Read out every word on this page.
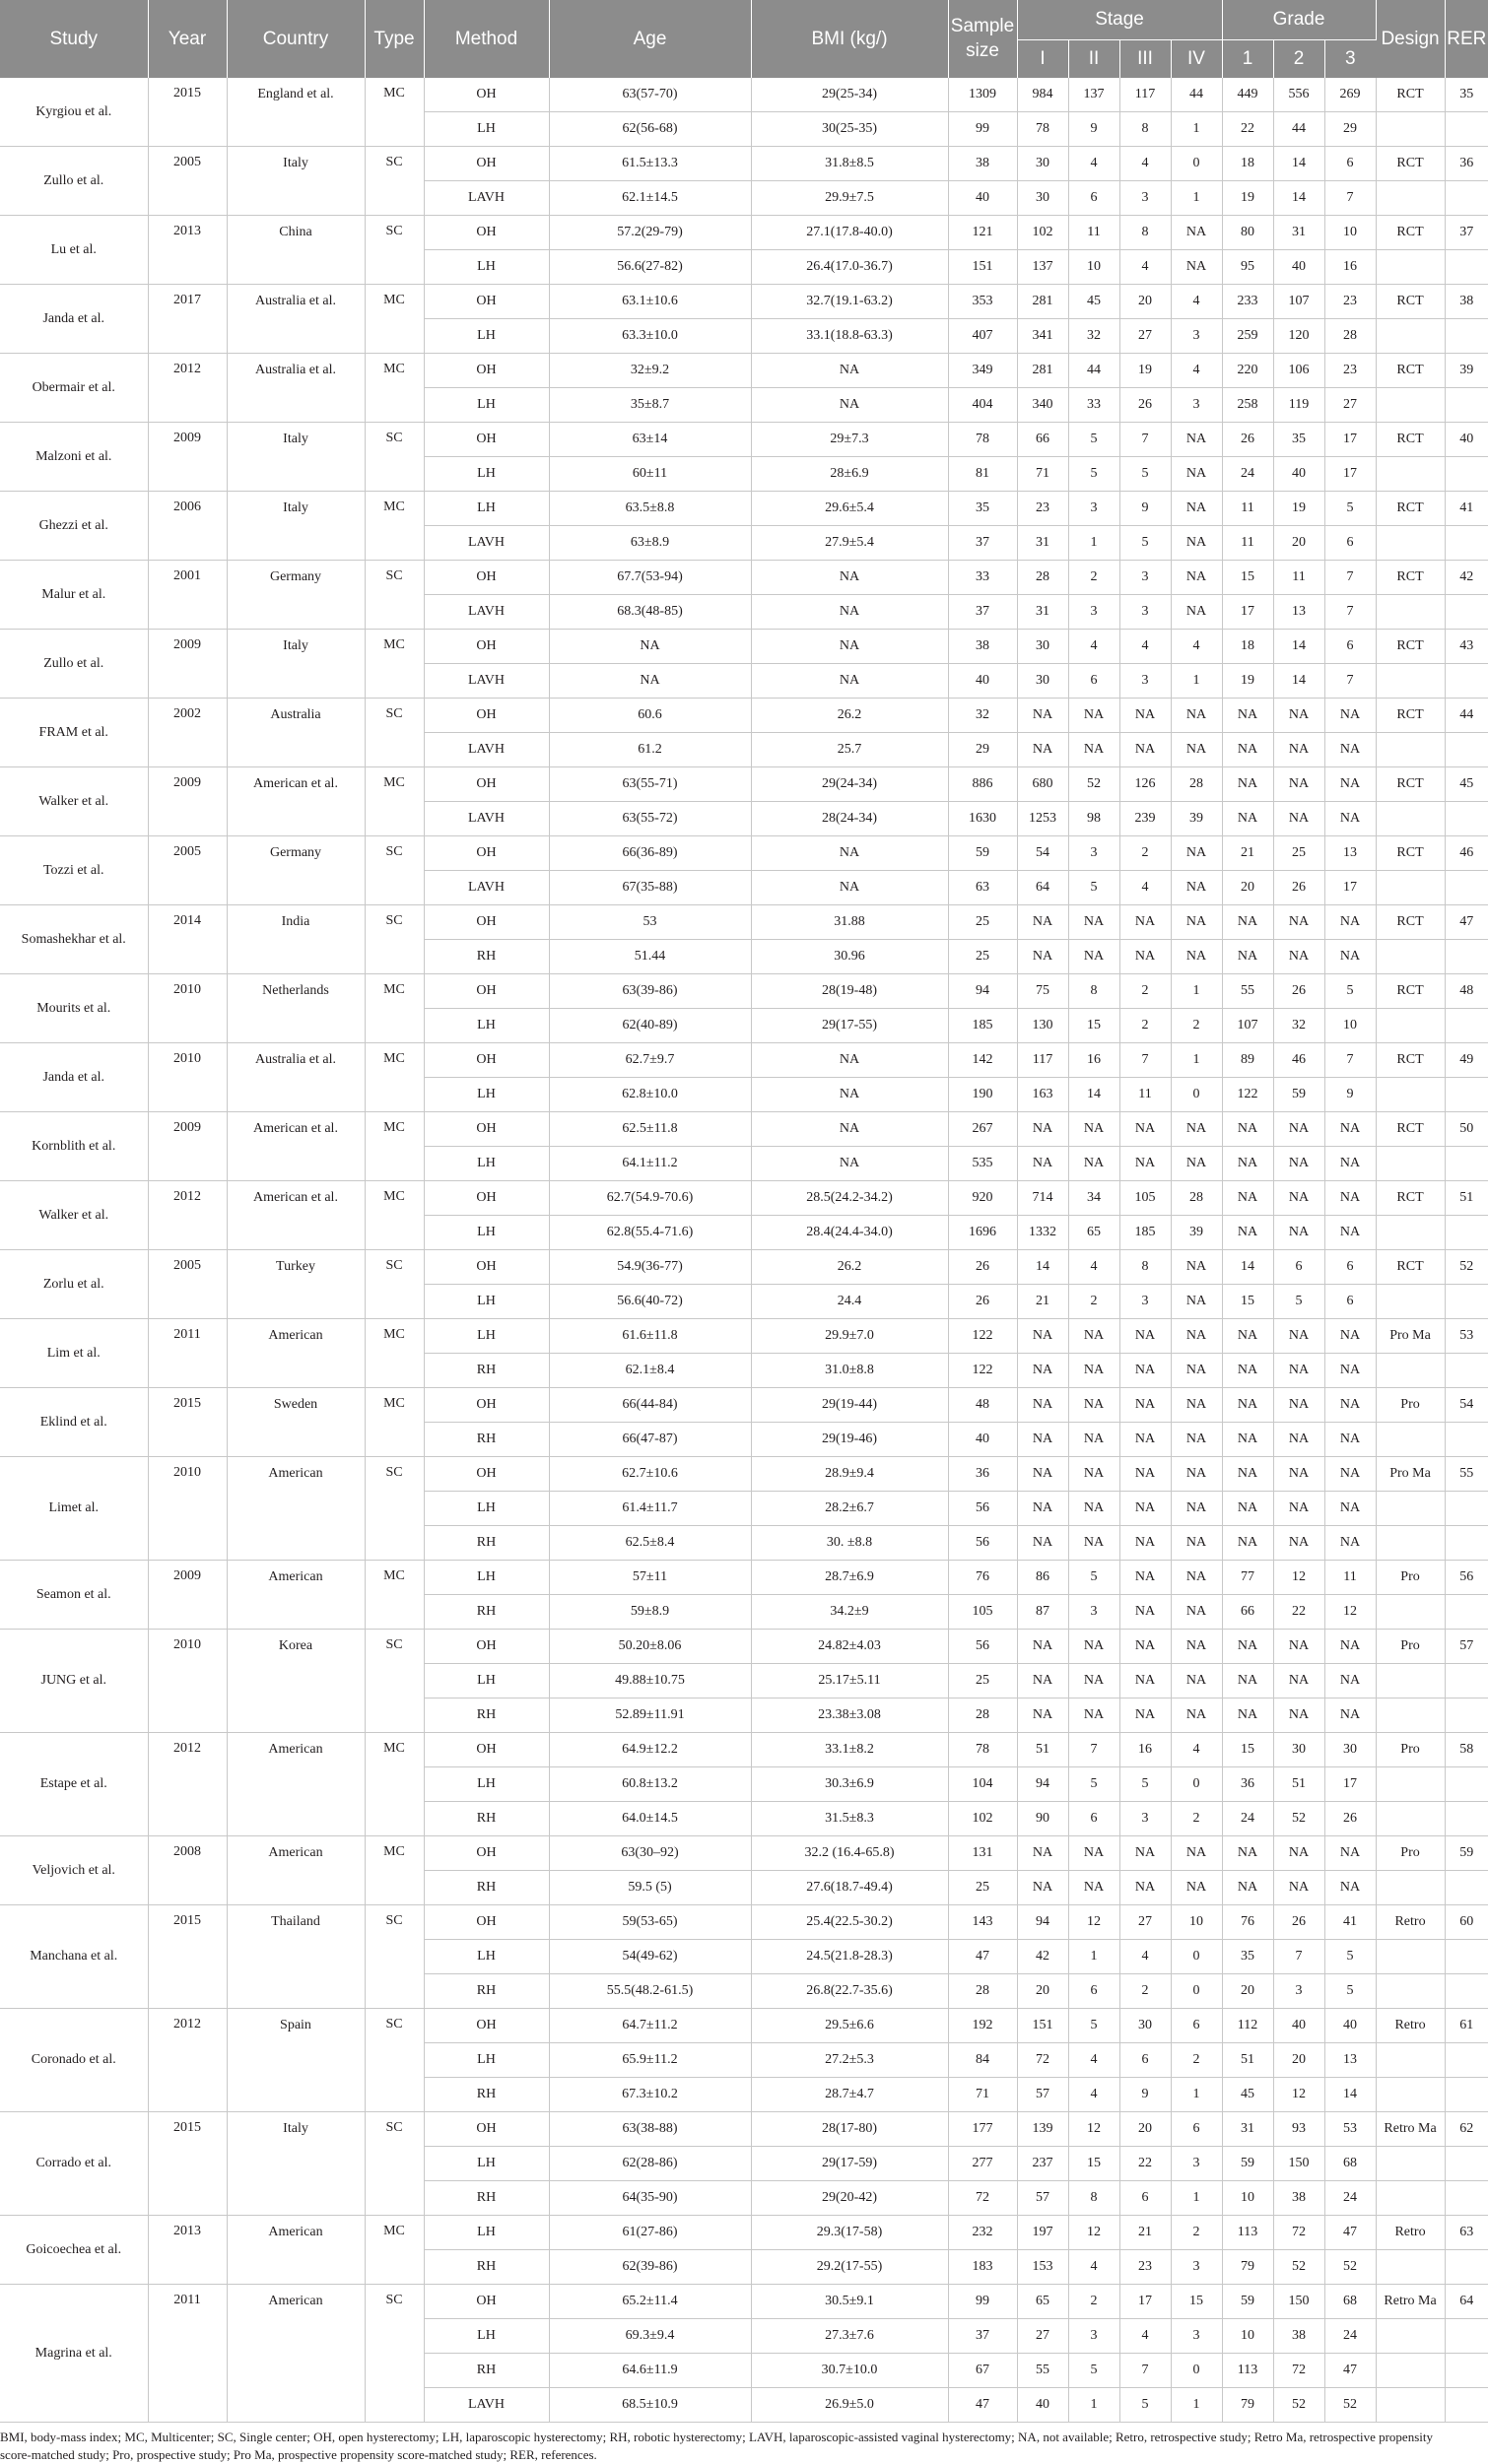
Study	Year	Country	Type	Method	Age	BMI (kg/)	Sample size	Stage				Grade			Design	RER
								I	II	III	IV	1	2	3		
Kyrgiou et al.	2015	England et al.	MC	OH	63(57-70)	29(25-34)	1309	984	137	117	44	449	556	269	RCT	35
				LH	62(56-68)	30(25-35)	99	78	9	8	1	22	44	29		
Zullo et al.	2005	Italy	SC	OH	61.5±13.3	31.8±8.5	38	30	4	4	0	18	14	6	RCT	36
				LAVH	62.1±14.5	29.9±7.5	40	30	6	3	1	19	14	7		
Lu et al.	2013	China	SC	OH	57.2(29-79)	27.1(17.8-40.0)	121	102	11	8	NA	80	31	10	RCT	37
				LH	56.6(27-82)	26.4(17.0-36.7)	151	137	10	4	NA	95	40	16		
Janda et al.	2017	Australia et al.	MC	OH	63.1±10.6	32.7(19.1-63.2)	353	281	45	20	4	233	107	23	RCT	38
				LH	63.3±10.0	33.1(18.8-63.3)	407	341	32	27	3	259	120	28		
Obermair et al.	2012	Australia et al.	MC	OH	32±9.2	NA	349	281	44	19	4	220	106	23	RCT	39
				LH	35±8.7	NA	404	340	33	26	3	258	119	27		
Malzoni et al.	2009	Italy	SC	OH	63±14	29±7.3	78	66	5	7	NA	26	35	17	RCT	40
				LH	60±11	28±6.9	81	71	5	5	NA	24	40	17		
Ghezzi et al.	2006	Italy	MC	LH	63.5±8.8	29.6±5.4	35	23	3	9	NA	11	19	5	RCT	41
				LAVH	63±8.9	27.9±5.4	37	31	1	5	NA	11	20	6		
Malur et al.	2001	Germany	SC	OH	67.7(53-94)	NA	33	28	2	3	NA	15	11	7	RCT	42
				LAVH	68.3(48-85)	NA	37	31	3	3	NA	17	13	7		
Zullo et al.	2009	Italy	MC	OH	NA	NA	38	30	4	4	4	18	14	6	RCT	43
				LAVH	NA	NA	40	30	6	3	1	19	14	7		
FRAM et al.	2002	Australia	SC	OH	60.6	26.2	32	NA	NA	NA	NA	NA	NA	NA	RCT	44
				LAVH	61.2	25.7	29	NA	NA	NA	NA	NA	NA	NA		
Walker et al.	2009	American et al.	MC	OH	63(55-71)	29(24-34)	886	680	52	126	28	NA	NA	NA	RCT	45
				LAVH	63(55-72)	28(24-34)	1630	1253	98	239	39	NA	NA	NA		
Tozzi et al.	2005	Germany	SC	OH	66(36-89)	NA	59	54	3	2	NA	21	25	13	RCT	46
				LAVH	67(35-88)	NA	63	64	5	4	NA	20	26	17		
Somashekhar et al.	2014	India	SC	OH	53	31.88	25	NA	NA	NA	NA	NA	NA	NA	RCT	47
				RH	51.44	30.96	25	NA	NA	NA	NA	NA	NA	NA		
Mourits et al.	2010	Netherlands	MC	OH	63(39-86)	28(19-48)	94	75	8	2	1	55	26	5	RCT	48
				LH	62(40-89)	29(17-55)	185	130	15	2	2	107	32	10		
Janda et al.	2010	Australia et al.	MC	OH	62.7±9.7	NA	142	117	16	7	1	89	46	7	RCT	49
				LH	62.8±10.0	NA	190	163	14	11	0	122	59	9		
Kornblith et al.	2009	American et al.	MC	OH	62.5±11.8	NA	267	NA	NA	NA	NA	NA	NA	NA	RCT	50
				LH	64.1±11.2	NA	535	NA	NA	NA	NA	NA	NA	NA		
Walker et al.	2012	American et al.	MC	OH	62.7(54.9-70.6)	28.5(24.2-34.2)	920	714	34	105	28	NA	NA	NA	RCT	51
				LH	62.8(55.4-71.6)	28.4(24.4-34.0)	1696	1332	65	185	39	NA	NA	NA		
Zorlu et al.	2005	Turkey	SC	OH	54.9(36-77)	26.2	26	14	4	8	NA	14	6	6	RCT	52
				LH	56.6(40-72)	24.4	26	21	2	3	NA	15	5	6		
Lim et al.	2011	American	MC	LH	61.6±11.8	29.9±7.0	122	NA	NA	NA	NA	NA	NA	NA	Pro Ma	53
				RH	62.1±8.4	31.0±8.8	122	NA	NA	NA	NA	NA	NA	NA		
Eklind et al.	2015	Sweden	MC	OH	66(44-84)	29(19-44)	48	NA	NA	NA	NA	NA	NA	NA	Pro	54
				RH	66(47-87)	29(19-46)	40	NA	NA	NA	NA	NA	NA	NA		
Limet al.	2010	American	SC	OH	62.7±10.6	28.9±9.4	36	NA	NA	NA	NA	NA	NA	NA	Pro Ma	55
				LH	61.4±11.7	28.2±6.7	56	NA	NA	NA	NA	NA	NA	NA		
				RH	62.5±8.4	30. ±8.8	56	NA	NA	NA	NA	NA	NA	NA		
Seamon et al.	2009	American	MC	LH	57±11	28.7±6.9	76	86	5	NA	NA	77	12	11	Pro	56
				RH	59±8.9	34.2±9	105	87	3	NA	NA	66	22	12		
JUNG et al.	2010	Korea	SC	OH	50.20±8.06	24.82±4.03	56	NA	NA	NA	NA	NA	NA	NA	Pro	57
				LH	49.88±10.75	25.17±5.11	25	NA	NA	NA	NA	NA	NA	NA		
				RH	52.89±11.91	23.38±3.08	28	NA	NA	NA	NA	NA	NA	NA		
Estape et al.	2012	American	MC	OH	64.9±12.2	33.1±8.2	78	51	7	16	4	15	30	30	Pro	58
				LH	60.8±13.2	30.3±6.9	104	94	5	5	0	36	51	17		
				RH	64.0±14.5	31.5±8.3	102	90	6	3	2	24	52	26		
Veljovich et al.	2008	American	MC	OH	63(30–92)	32.2 (16.4-65.8)	131	NA	NA	NA	NA	NA	NA	NA	Pro	59
				RH	59.5 (5)	27.6(18.7-49.4)	25	NA	NA	NA	NA	NA	NA	NA		
Manchana et al.	2015	Thailand	SC	OH	59(53-65)	25.4(22.5-30.2)	143	94	12	27	10	76	26	41	Retro	60
				LH	54(49-62)	24.5(21.8-28.3)	47	42	1	4	0	35	7	5		
				RH	55.5(48.2-61.5)	26.8(22.7-35.6)	28	20	6	2	0	20	3	5		
Coronado et al.	2012	Spain	SC	OH	64.7±11.2	29.5±6.6	192	151	5	30	6	112	40	40	Retro	61
				LH	65.9±11.2	27.2±5.3	84	72	4	6	2	51	20	13		
				RH	67.3±10.2	28.7±4.7	71	57	4	9	1	45	12	14		
Corrado et al.	2015	Italy	SC	OH	63(38-88)	28(17-80)	177	139	12	20	6	31	93	53	Retro Ma	62
				LH	62(28-86)	29(17-59)	277	237	15	22	3	59	150	68		
				RH	64(35-90)	29(20-42)	72	57	8	6	1	10	38	24		
Goicoechea et al.	2013	American	MC	LH	61(27-86)	29.3(17-58)	232	197	12	21	2	113	72	47	Retro	63
				RH	62(39-86)	29.2(17-55)	183	153	4	23	3	79	52	52		
Magrina et al.	2011	American	SC	OH	65.2±11.4	30.5±9.1	99	65	2	17	15	59	150	68	Retro Ma	64
				LH	69.3±9.4	27.3±7.6	37	27	3	4	3	10	38	24		
				RH	64.6±11.9	30.7±10.0	67	55	5	7	0	113	72	47		
				LAVH	68.5±10.9	26.9±5.0	47	40	1	5	1	79	52	52		
BMI, body-mass index; MC, Multicenter; SC, Single center; OH, open hysterectomy; LH, laparoscopic hysterectomy; RH, robotic hysterectomy; LAVH, laparoscopic-assisted vaginal hysterectomy; NA, not available; Retro, retrospective study; Retro Ma, retrospective propensity score-matched study; Pro, prospective study; Pro Ma, prospective propensity score-matched study; RER, references.
